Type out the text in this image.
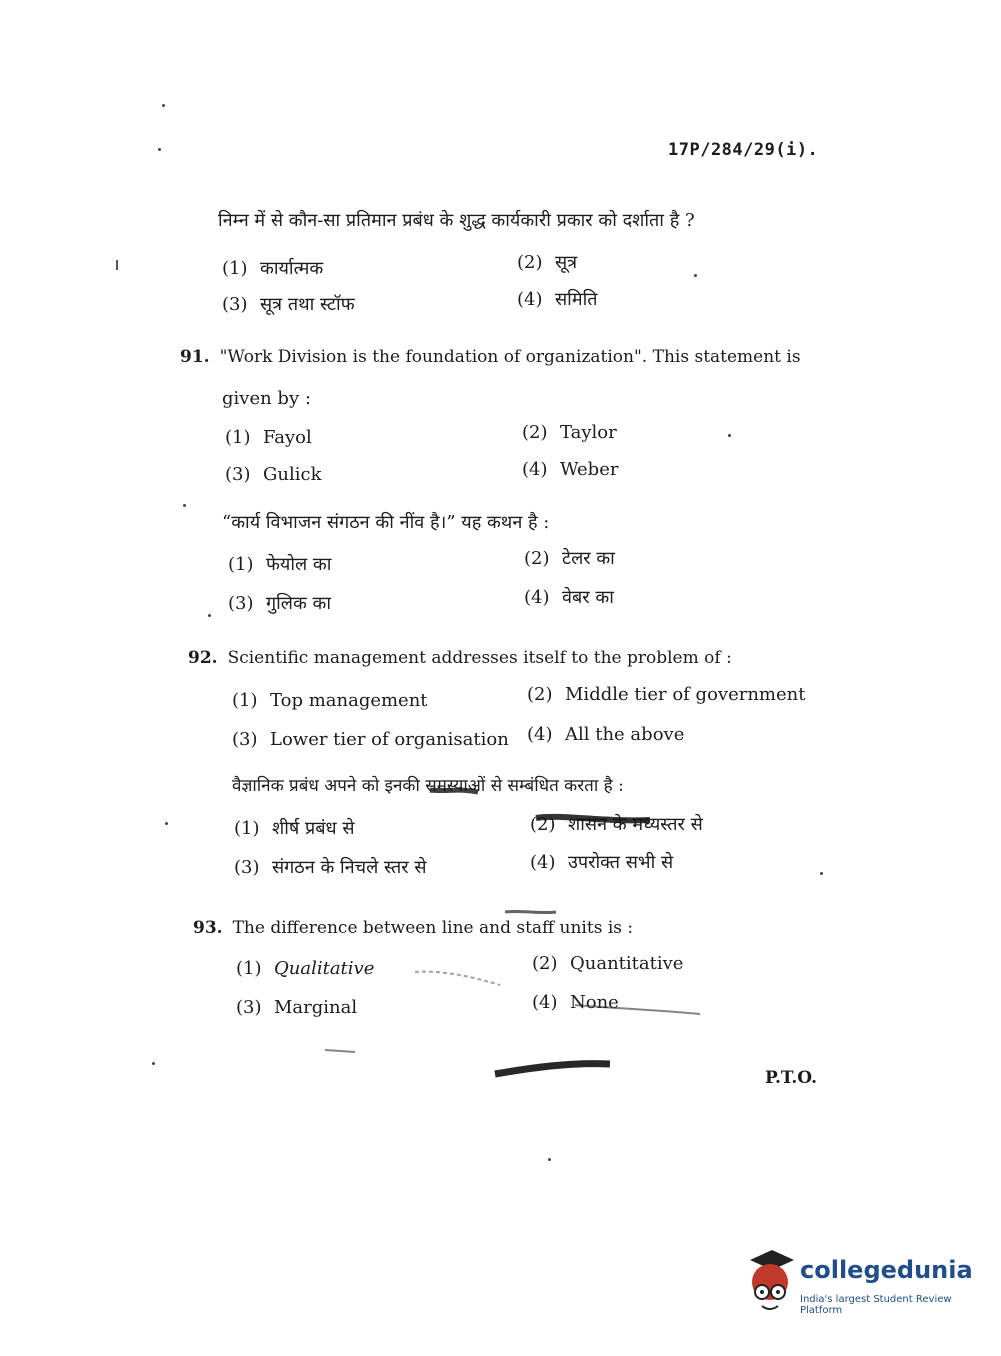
17P/284/29(i).
निम्न में से कौन-सा प्रतिमान प्रबंध के शुद्ध कार्यकारी प्रकार को दर्शाता है ?
(1) कार्यात्मक	(2) सूत्र
(3) सूत्र तथा स्टॉफ	(4) समिति
91. "Work Division is the foundation of organization". This statement is
given by :
(1) Fayol	(2) Taylor
(3) Gulick	(4) Weber
“कार्य विभाजन संगठन की नींव है।” यह कथन है :
(1) फेयोल का	(2) टेलर का
(3) गुलिक का	(4) वेबर का
92. Scientific management addresses itself to the problem of :
(1) Top management	(2) Middle tier of government
(3) Lower tier of organisation (4) All the above
वैज्ञानिक प्रबंध अपने को इनकी समस्याओं से सम्बंधित करता है :
(1) शीर्ष प्रबंध से	(2) शासन के मध्यस्तर से
(3) संगठन के निचले स्तर से	(4) उपरोक्त सभी से
93. The difference between line and staff units is :
(1) Qualitative	(2) Quantitative
(3) Marginal	(4) None
P.T.O.
collegedunia
India's largest Student Review Platform
